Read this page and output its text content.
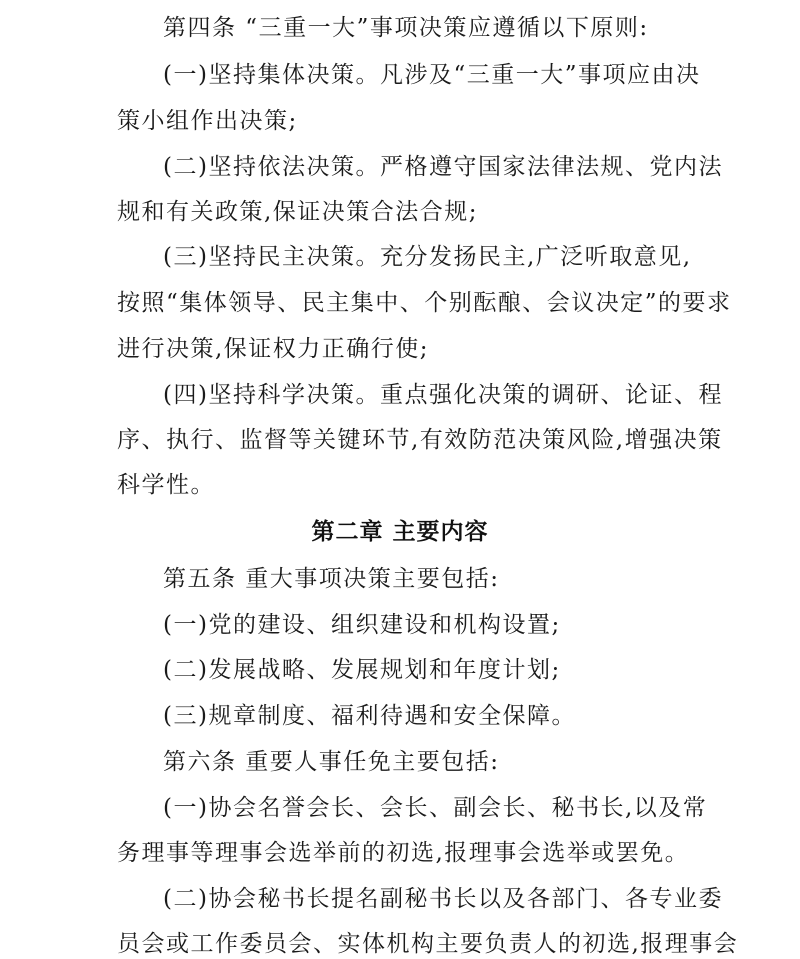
第四条 “三重一大”事项决策应遵循以下原则:
(一)坚持集体决策。凡涉及“三重一大”事项应由决
策小组作出决策;
(二)坚持依法决策。严格遵守国家法律法规、党内法
规和有关政策,保证决策合法合规;
(三)坚持民主决策。充分发扬民主,广泛听取意见,
按照“集体领导、民主集中、个别酝酿、会议决定”的要求
进行决策,保证权力正确行使;
(四)坚持科学决策。重点强化决策的调研、论证、程
序、执行、监督等关键环节,有效防范决策风险,增强决策
科学性。
第二章 主要内容
第五条 重大事项决策主要包括:
(一)党的建设、组织建设和机构设置;
(二)发展战略、发展规划和年度计划;
(三)规章制度、福利待遇和安全保障。
第六条 重要人事任免主要包括:
(一)协会名誉会长、会长、副会长、秘书长,以及常
务理事等理事会选举前的初选,报理事会选举或罢免。
(二)协会秘书长提名副秘书长以及各部门、各专业委
员会或工作委员会、实体机构主要负责人的初选,报理事会
